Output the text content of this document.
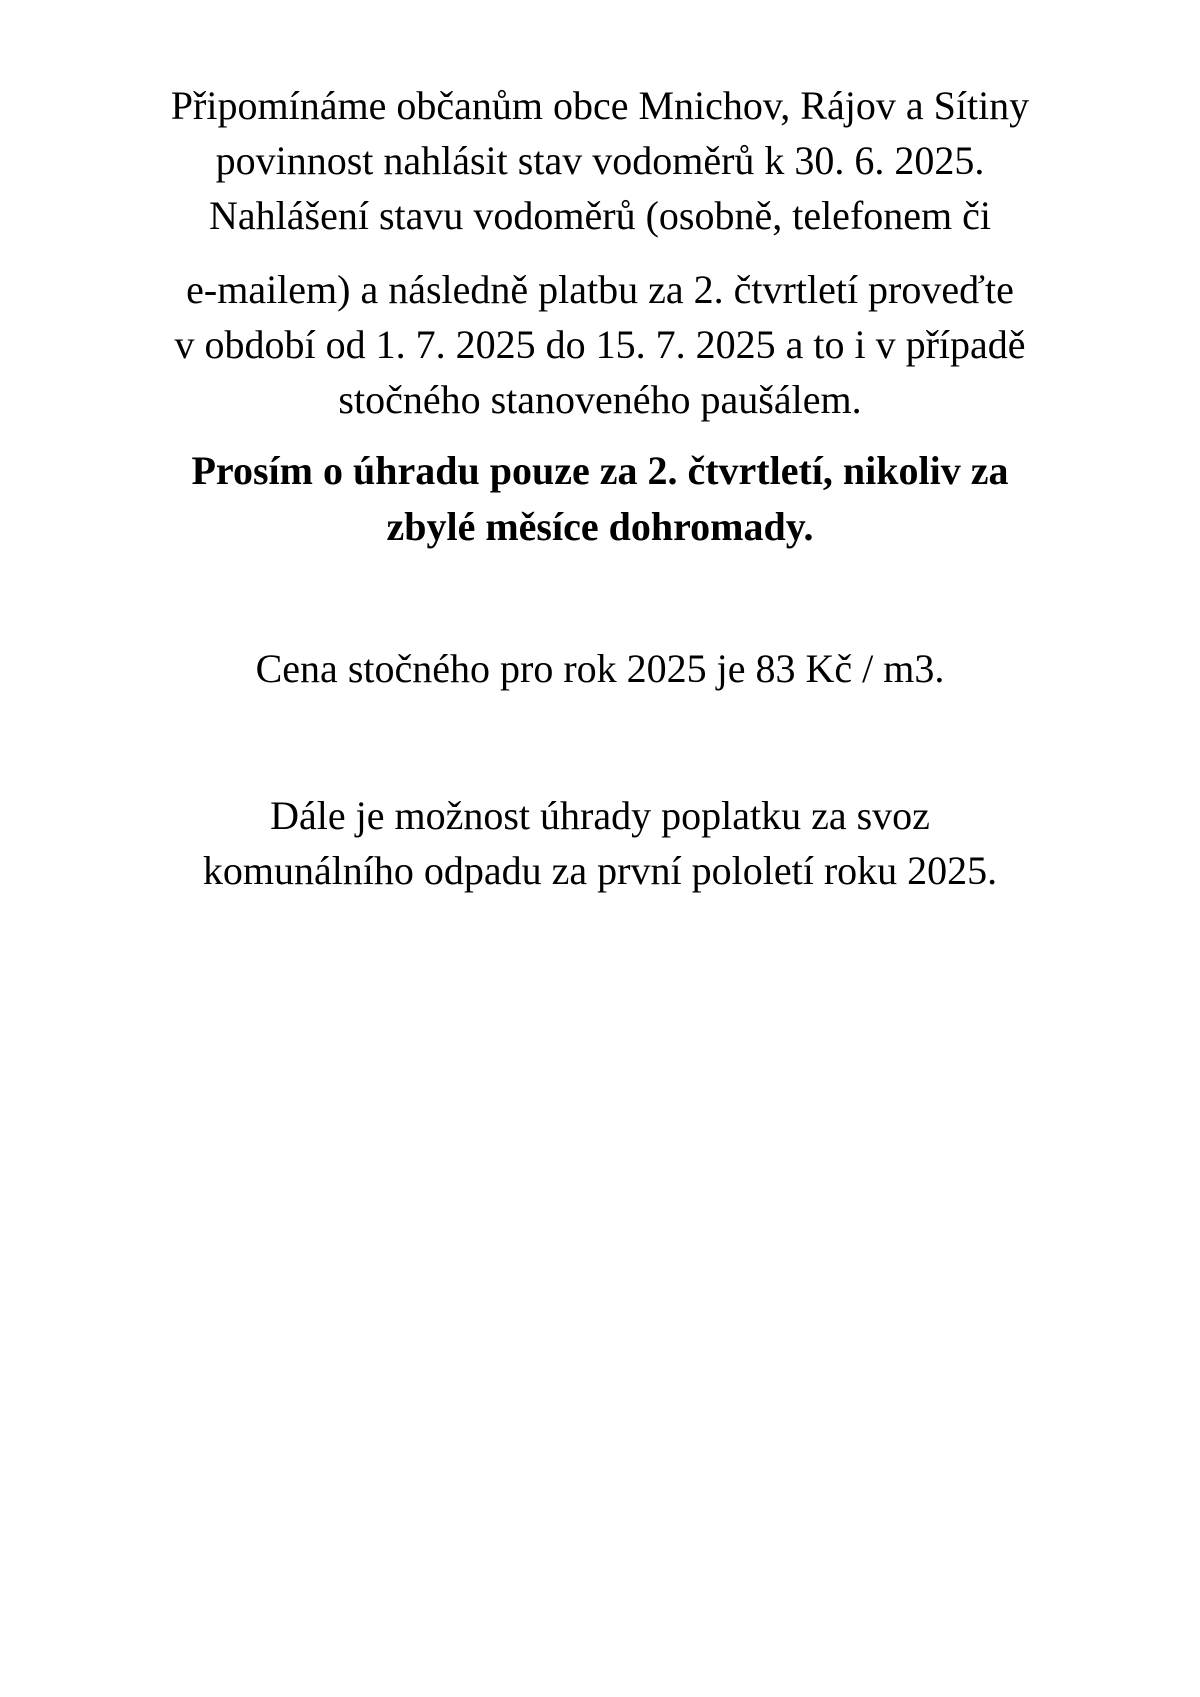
Připomínáme občanům obce Mnichov, Rájov a Sítiny
povinnost nahlásit stav vodoměrů k 30. 6. 2025.
Nahlášení stavu vodoměrů (osobně, telefonem či
e-mailem) a následně platbu za 2. čtvrtletí proveďte
v období od 1. 7. 2025 do 15. 7. 2025 a to i v případě
stočného stanoveného paušálem.
Prosím o úhradu pouze za 2. čtvrtletí, nikoliv za
zbylé měsíce dohromady.
Cena stočného pro rok 2025 je 83 Kč / m3.
Dále je možnost úhrady poplatku za svoz
komunálního odpadu za první pololetí roku 2025.
